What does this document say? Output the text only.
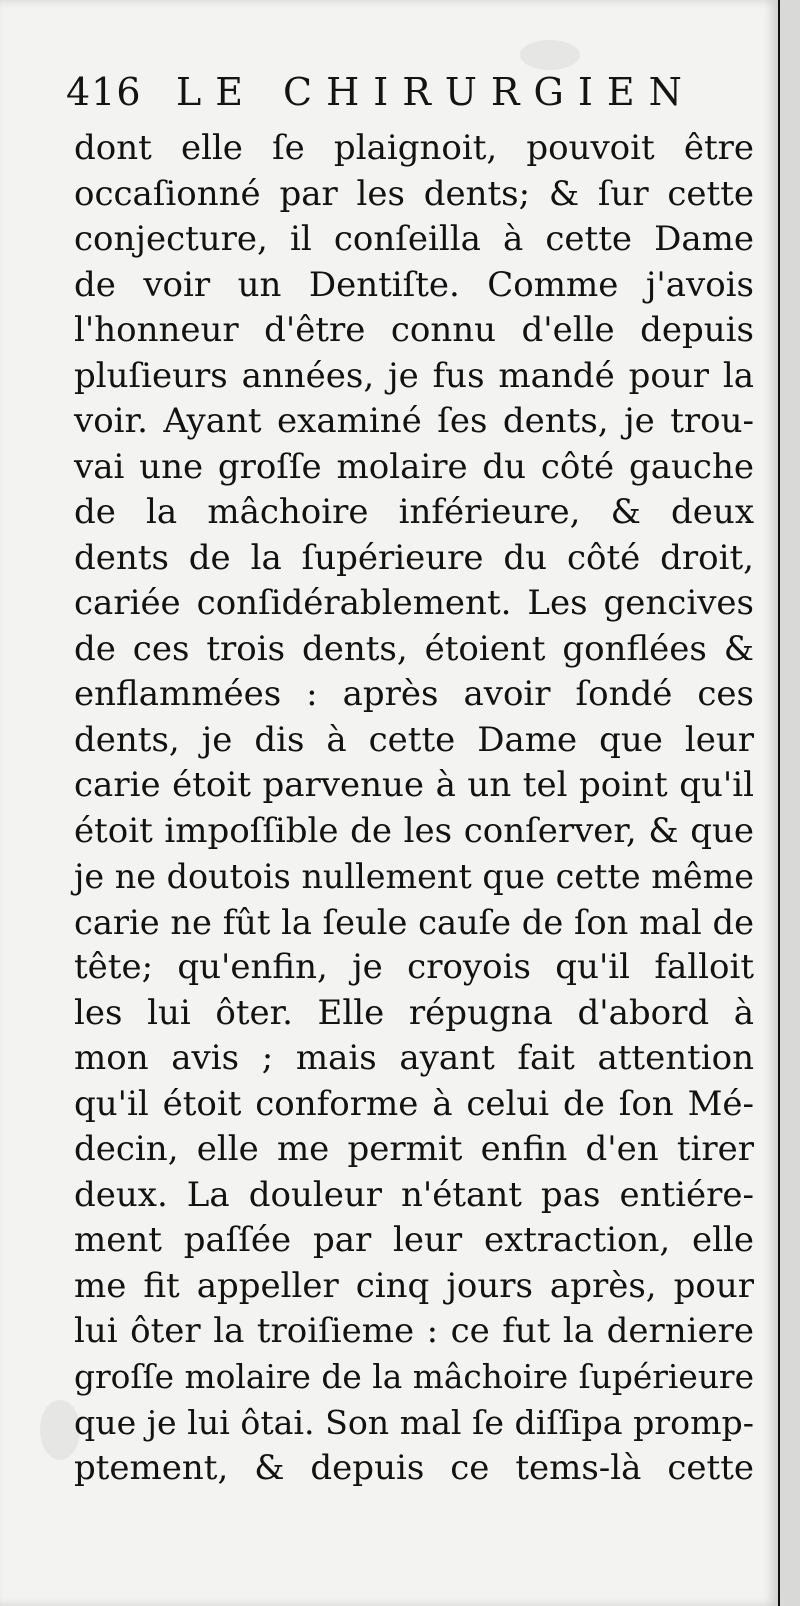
416 LE CHIRURGIEN
dont elle ſe plaignoit, pouvoit être
occaſionné par les dents; & ſur cette
conjecture, il conſeilla à cette Dame
de voir un Dentiſte. Comme j'avois
l'honneur d'être connu d'elle depuis
pluſieurs années, je fus mandé pour la
voir. Ayant examiné ſes dents, je trou-
vai une groſſe molaire du côté gauche
de la mâchoire inférieure, & deux
dents de la ſupérieure du côté droit,
cariée conſidérablement. Les gencives
de ces trois dents, étoient gonflées &
enflammées : après avoir ſondé ces
dents, je dis à cette Dame que leur
carie étoit parvenue à un tel point qu'il
étoit impoſſible de les conſerver, & que
je ne doutois nullement que cette même
carie ne fût la ſeule cauſe de ſon mal de
tête; qu'enfin, je croyois qu'il falloit
les lui ôter. Elle répugna d'abord à
mon avis ; mais ayant fait attention
qu'il étoit conforme à celui de ſon Mé-
decin, elle me permit enfin d'en tirer
deux. La douleur n'étant pas entiére-
ment paſſée par leur extraction, elle
me fit appeller cinq jours après, pour
lui ôter la troiſieme : ce fut la derniere
groſſe molaire de la mâchoire ſupérieure
que je lui ôtai. Son mal ſe diſſipa promp-
ptement, & depuis ce tems-là cette
